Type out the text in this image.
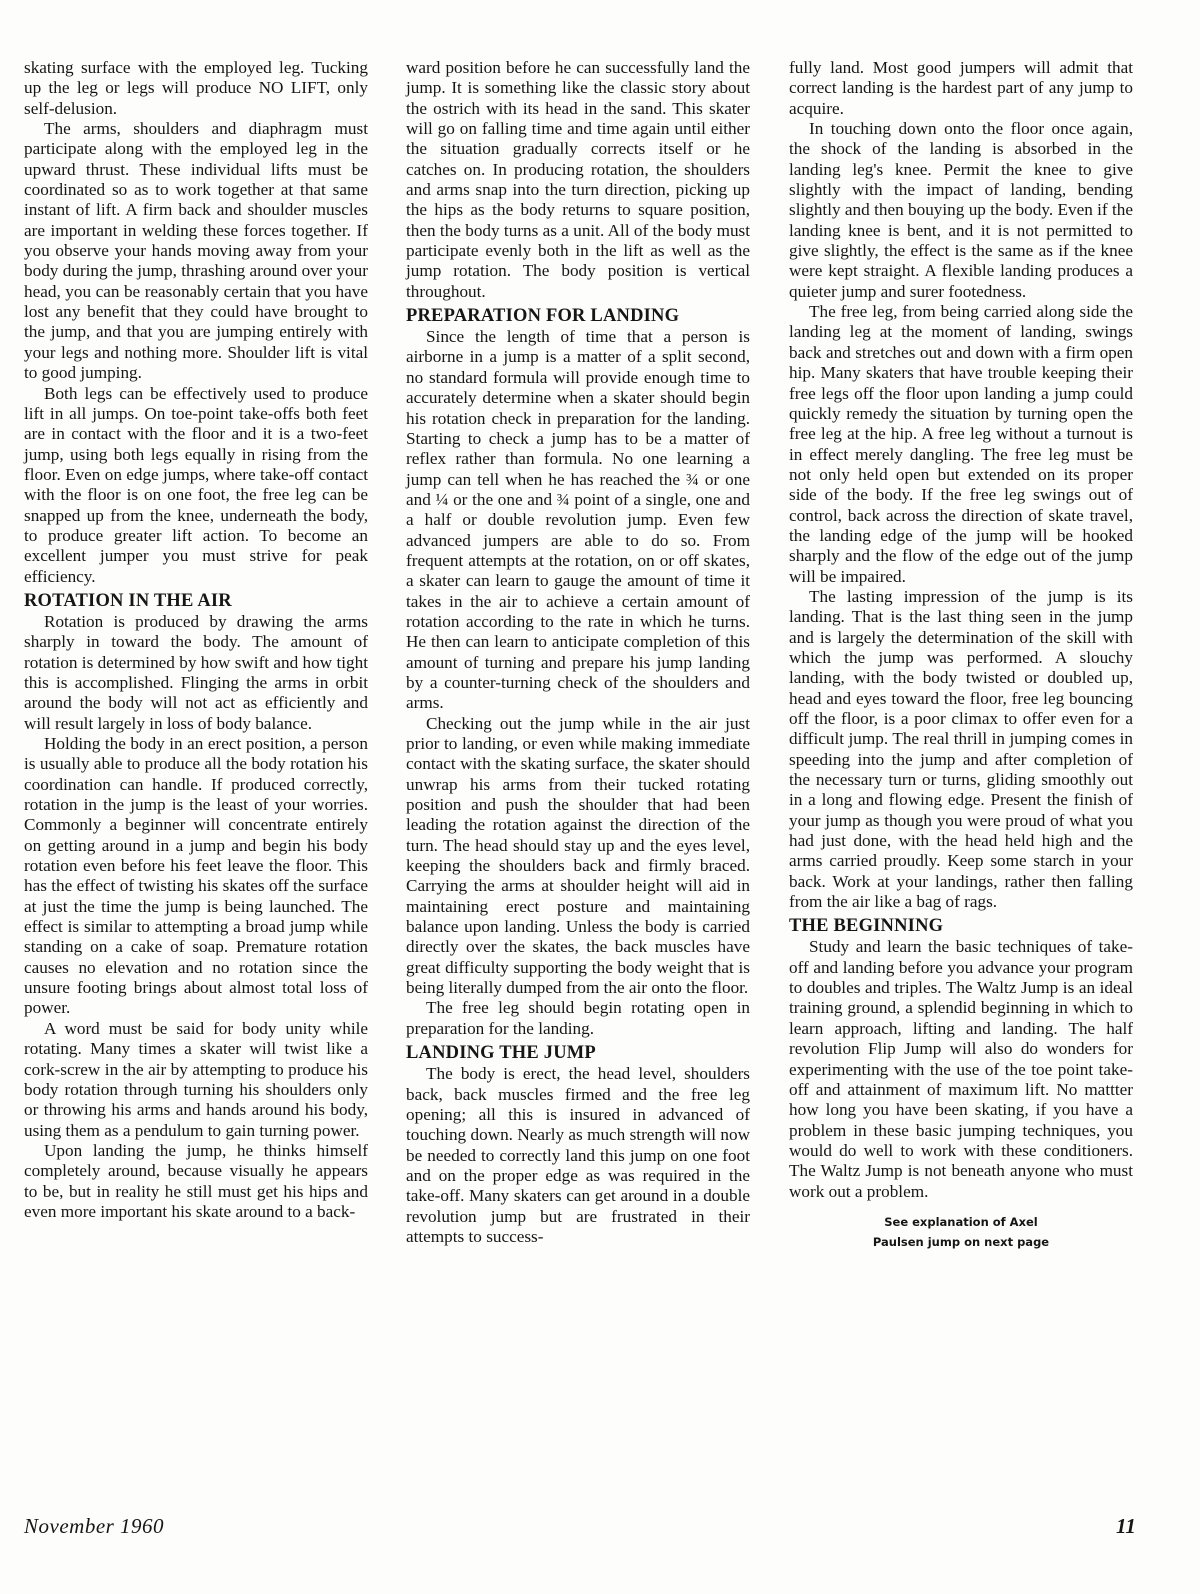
skating surface with the employed leg. Tucking up the leg or legs will produce NO LIFT, only self-delusion.

The arms, shoulders and diaphragm must participate along with the employed leg in the upward thrust. These individual lifts must be coordinated so as to work together at that same instant of lift. A firm back and shoulder muscles are important in welding these forces together. If you observe your hands moving away from your body during the jump, thrashing around over your head, you can be reasonably certain that you have lost any benefit that they could have brought to the jump, and that you are jumping entirely with your legs and nothing more. Shoulder lift is vital to good jumping.

Both legs can be effectively used to produce lift in all jumps. On toe-point take-offs both feet are in contact with the floor and it is a two-feet jump, using both legs equally in rising from the floor. Even on edge jumps, where take-off contact with the floor is on one foot, the free leg can be snapped up from the knee, underneath the body, to produce greater lift action. To become an excellent jumper you must strive for peak efficiency.

ROTATION IN THE AIR

Rotation is produced by drawing the arms sharply in toward the body. The amount of rotation is determined by how swift and how tight this is accomplished. Flinging the arms in orbit around the body will not act as efficiently and will result largely in loss of body balance.

Holding the body in an erect position, a person is usually able to produce all the body rotation his coordination can handle. If produced correctly, rotation in the jump is the least of your worries. Commonly a beginner will concentrate entirely on getting around in a jump and begin his body rotation even before his feet leave the floor. This has the effect of twisting his skates off the surface at just the time the jump is being launched. The effect is similar to attempting a broad jump while standing on a cake of soap. Premature rotation causes no elevation and no rotation since the unsure footing brings about almost total loss of power.

A word must be said for body unity while rotating. Many times a skater will twist like a cork-screw in the air by attempting to produce his body rotation through turning his shoulders only or throwing his arms and hands around his body, using them as a pendulum to gain turning power.

Upon landing the jump, he thinks himself completely around, because visually he appears to be, but in reality he still must get his hips and even more important his skate around to a back-

ward position before he can successfully land the jump. It is something like the classic story about the ostrich with its head in the sand. This skater will go on falling time and time again until either the situation gradually corrects itself or he catches on. In producing rotation, the shoulders and arms snap into the turn direction, picking up the hips as the body returns to square position, then the body turns as a unit. All of the body must participate evenly both in the lift as well as the jump rotation. The body position is vertical throughout.

PREPARATION FOR LANDING

Since the length of time that a person is airborne in a jump is a matter of a split second, no standard formula will provide enough time to accurately determine when a skater should begin his rotation check in preparation for the landing. Starting to check a jump has to be a matter of reflex rather than formula. No one learning a jump can tell when he has reached the ¾ or one and ¼ or the one and ¾ point of a single, one and a half or double revolution jump. Even few advanced jumpers are able to do so. From frequent attempts at the rotation, on or off skates, a skater can learn to gauge the amount of time it takes in the air to achieve a certain amount of rotation according to the rate in which he turns. He then can learn to anticipate completion of this amount of turning and prepare his jump landing by a counter-turning check of the shoulders and arms.

Checking out the jump while in the air just prior to landing, or even while making immediate contact with the skating surface, the skater should unwrap his arms from their tucked rotating position and push the shoulder that had been leading the rotation against the direction of the turn. The head should stay up and the eyes level, keeping the shoulders back and firmly braced. Carrying the arms at shoulder height will aid in maintaining erect posture and maintaining balance upon landing. Unless the body is carried directly over the skates, the back muscles have great difficulty supporting the body weight that is being literally dumped from the air onto the floor.

The free leg should begin rotating open in preparation for the landing.

LANDING THE JUMP

The body is erect, the head level, shoulders back, back muscles firmed and the free leg opening; all this is insured in advanced of touching down. Nearly as much strength will now be needed to correctly land this jump on one foot and on the proper edge as was required in the take-off. Many skaters can get around in a double revolution jump but are frustrated in their attempts to success-

fully land. Most good jumpers will admit that correct landing is the hardest part of any jump to acquire.

In touching down onto the floor once again, the shock of the landing is absorbed in the landing leg's knee. Permit the knee to give slightly with the impact of landing, bending slightly and then bouying up the body. Even if the landing knee is bent, and it is not permitted to give slightly, the effect is the same as if the knee were kept straight. A flexible landing produces a quieter jump and surer footedness.

The free leg, from being carried along side the landing leg at the moment of landing, swings back and stretches out and down with a firm open hip. Many skaters that have trouble keeping their free legs off the floor upon landing a jump could quickly remedy the situation by turning open the free leg at the hip. A free leg without a turnout is in effect merely dangling. The free leg must be not only held open but extended on its proper side of the body. If the free leg swings out of control, back across the direction of skate travel, the landing edge of the jump will be hooked sharply and the flow of the edge out of the jump will be impaired.

The lasting impression of the jump is its landing. That is the last thing seen in the jump and is largely the determination of the skill with which the jump was performed. A slouchy landing, with the body twisted or doubled up, head and eyes toward the floor, free leg bouncing off the floor, is a poor climax to offer even for a difficult jump. The real thrill in jumping comes in speeding into the jump and after completion of the necessary turn or turns, gliding smoothly out in a long and flowing edge. Present the finish of your jump as though you were proud of what you had just done, with the head held high and the arms carried proudly. Keep some starch in your back. Work at your landings, rather then falling from the air like a bag of rags.

THE BEGINNING

Study and learn the basic techniques of take-off and landing before you advance your program to doubles and triples. The Waltz Jump is an ideal training ground, a splendid beginning in which to learn approach, lifting and landing. The half revolution Flip Jump will also do wonders for experimenting with the use of the toe point take-off and attainment of maximum lift. No mattter how long you have been skating, if you have a problem in these basic jumping techniques, you would do well to work with these conditioners. The Waltz Jump is not beneath anyone who must work out a problem.

See explanation of Axel
Paulsen jump on next page
November 1960	11
